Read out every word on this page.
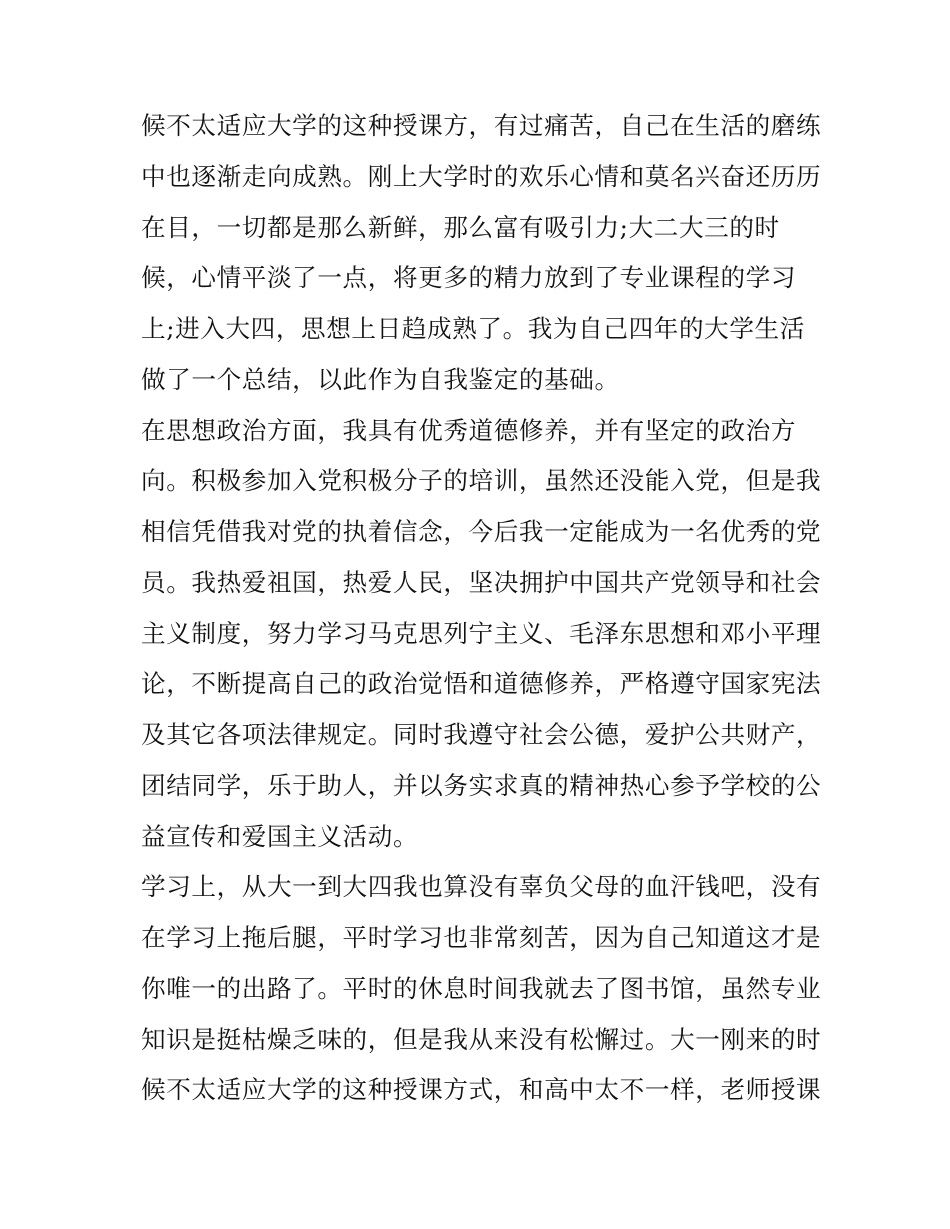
候不太适应大学的这种授课方，有过痛苦，自己在生活的磨练
中也逐渐走向成熟。刚上大学时的欢乐心情和莫名兴奋还历历
在目，一切都是那么新鲜，那么富有吸引力;大二大三的时
候，心情平淡了一点，将更多的精力放到了专业课程的学习
上;进入大四，思想上日趋成熟了。我为自己四年的大学生活
做了一个总结，以此作为自我鉴定的基础。
在思想政治方面，我具有优秀道德修养，并有坚定的政治方
向。积极参加入党积极分子的培训，虽然还没能入党，但是我
相信凭借我对党的执着信念，今后我一定能成为一名优秀的党
员。我热爱祖国，热爱人民，坚决拥护中国共产党领导和社会
主义制度，努力学习马克思列宁主义、毛泽东思想和邓小平理
论，不断提高自己的政治觉悟和道德修养，严格遵守国家宪法
及其它各项法律规定。同时我遵守社会公德，爱护公共财产，
团结同学，乐于助人，并以务实求真的精神热心参予学校的公
益宣传和爱国主义活动。
学习上，从大一到大四我也算没有辜负父母的血汗钱吧，没有
在学习上拖后腿，平时学习也非常刻苦，因为自己知道这才是
你唯一的出路了。平时的休息时间我就去了图书馆，虽然专业
知识是挺枯燥乏味的，但是我从来没有松懈过。大一刚来的时
候不太适应大学的这种授课方式，和高中太不一样，老师授课
